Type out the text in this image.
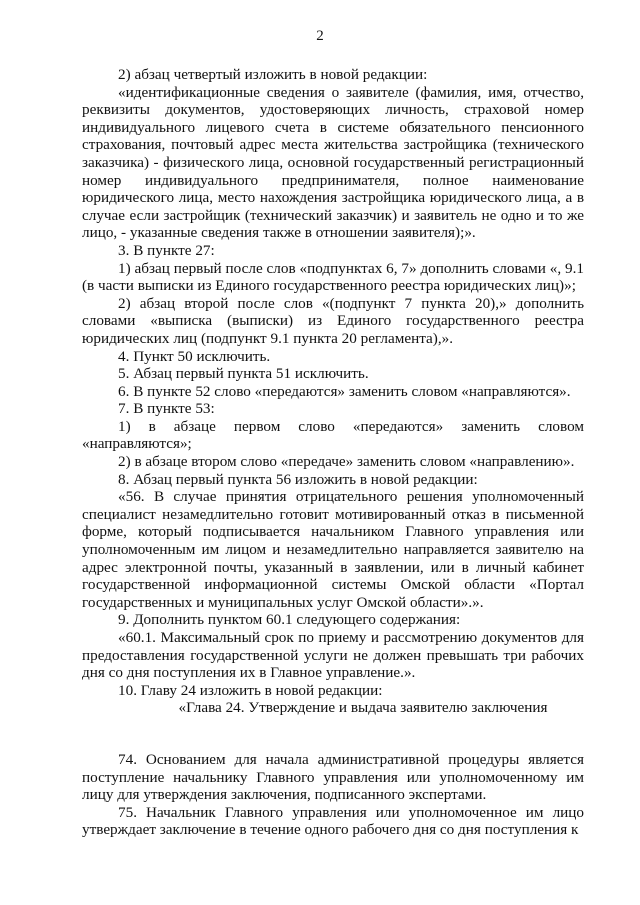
2

2) абзац четвертый изложить в новой редакции:

«идентификационные сведения о заявителе (фамилия, имя, отчество, реквизиты документов, удостоверяющих личность, страховой номер индивидуального лицевого счета в системе обязательного пенсионного страхования, почтовый адрес места жительства застройщика (технического заказчика) - физического лица, основной государственный регистрационный номер индивидуального предпринимателя, полное наименование юридического лица, место нахождения застройщика юридического лица, а в случае если застройщик (технический заказчик) и заявитель не одно и то же лицо, - указанные сведения также в отношении заявителя);».

3. В пункте 27:

1) абзац первый после слов «подпунктах 6, 7» дополнить словами «, 9.1 (в части выписки из Единого государственного реестра юридических лиц)»;

2) абзац второй после слов «(подпункт 7 пункта 20),» дополнить словами «выписка (выписки) из Единого государственного реестра юридических лиц (подпункт 9.1 пункта 20 регламента),».

4. Пункт 50 исключить.

5. Абзац первый пункта 51 исключить.

6. В пункте 52 слово «передаются» заменить словом «направляются».

7. В пункте 53:

1) в абзаце первом слово «передаются» заменить словом «направляются»;

2) в абзаце втором слово «передаче» заменить словом «направлению».

8. Абзац первый пункта 56 изложить в новой редакции:

«56. В случае принятия отрицательного решения уполномоченный специалист незамедлительно готовит мотивированный отказ в письменной форме, который подписывается начальником Главного управления или уполномоченным им лицом и незамедлительно направляется заявителю на адрес электронной почты, указанный в заявлении, или в личный кабинет государственной информационной системы Омской области «Портал государственных и муниципальных услуг Омской области».».

9. Дополнить пунктом 60.1 следующего содержания:

«60.1. Максимальный срок по приему и рассмотрению документов для предоставления государственной услуги не должен превышать три рабочих дня со дня поступления их в Главное управление.».

10. Главу 24 изложить в новой редакции:

«Глава 24. Утверждение и выдача заявителю заключения

74. Основанием для начала административной процедуры является поступление начальнику Главного управления или уполномоченному им лицу для утверждения заключения, подписанного экспертами.

75. Начальник Главного управления или уполномоченное им лицо утверждает заключение в течение одного рабочего дня со дня поступления к
